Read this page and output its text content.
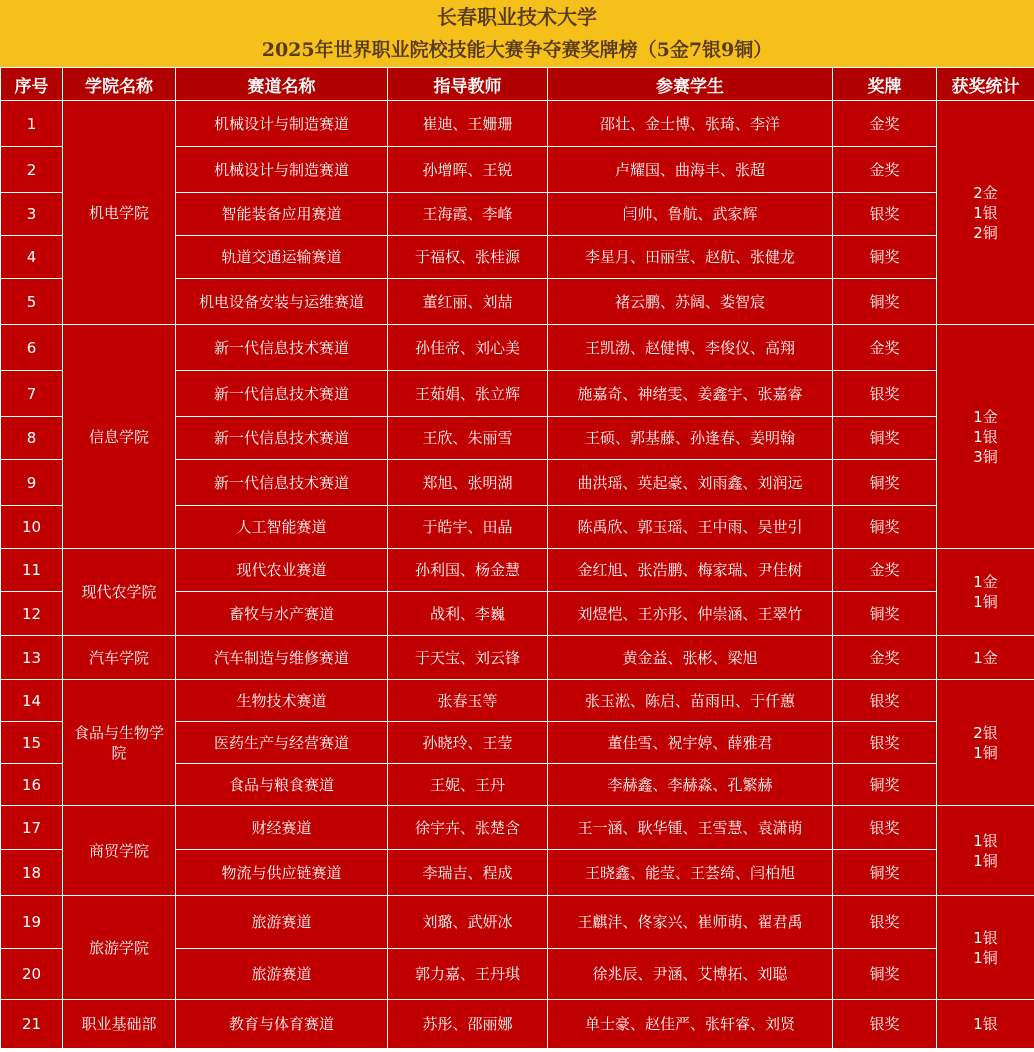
长春职业技术大学
2025年世界职业院校技能大赛争夺赛奖牌榜（5金7银9铜）
序号	学院名称	赛道名称	指导教师	参赛学生	奖牌	获奖统计
1	机电学院	机械设计与制造赛道	崔迪、王姗珊	邵壮、金士博、张琦、李洋	金奖	2金
1银
2铜
2		机械设计与制造赛道	孙增晖、王锐	卢耀国、曲海丰、张超	金奖	
3		智能装备应用赛道	王海霞、李峰	闫帅、鲁航、武家辉	银奖	
4		轨道交通运输赛道	于福权、张桂源	李星月、田丽莹、赵航、张健龙	铜奖	
5		机电设备安装与运维赛道	董红丽、刘喆	褚云鹏、苏阔、娄智宸	铜奖	
6	信息学院	新一代信息技术赛道	孙佳帝、刘心美	王凯渤、赵健博、李俊仪、高翔	金奖	1金
1银
3铜
7		新一代信息技术赛道	王茹娟、张立辉	施嘉奇、神绪雯、姜鑫宇、张嘉睿	银奖	
8		新一代信息技术赛道	王欣、朱丽雪	王硕、郭基藤、孙逢春、姜明翰	铜奖	
9		新一代信息技术赛道	郑旭、张明湖	曲洪瑶、英起豪、刘雨鑫、刘润远	铜奖	
10		人工智能赛道	于皓宇、田晶	陈禹欣、郭玉瑶、王中雨、吴世引	铜奖	
11	现代农学院	现代农业赛道	孙利国、杨金慧	金红旭、张浩鹏、梅家瑞、尹佳树	金奖	1金
1铜
12		畜牧与水产赛道	战利、李巍	刘煜恺、王亦彤、仲崇涵、王翠竹	铜奖	
13	汽车学院	汽车制造与维修赛道	于天宝、刘云锋	黄金益、张彬、梁旭	金奖	1金
14	食品与生物学院	生物技术赛道	张春玉等	张玉淞、陈启、苗雨田、于仟蕙	银奖	2银
1铜
15		医药生产与经营赛道	孙晓玲、王莹	董佳雪、祝宇婷、薛雅君	银奖	
16		食品与粮食赛道	王妮、王丹	李赫鑫、李赫淼、孔繁赫	铜奖	
17	商贸学院	财经赛道	徐宇卉、张楚含	王一涵、耿华锺、王雪慧、袁潇萌	银奖	1银
1铜
18		物流与供应链赛道	李瑞吉、程成	王晓鑫、能莹、王荟绮、闫柏旭	铜奖	
19	旅游学院	旅游赛道	刘璐、武妍冰	王麒沣、佟家兴、崔师萌、翟君禹	银奖	1银
1铜
20		旅游赛道	郭力嘉、王丹琪	徐兆辰、尹涵、艾博拓、刘聪	铜奖	
21	职业基础部	教育与体育赛道	苏彤、邵丽娜	单士豪、赵佳严、张轩睿、刘贤	银奖	1银
